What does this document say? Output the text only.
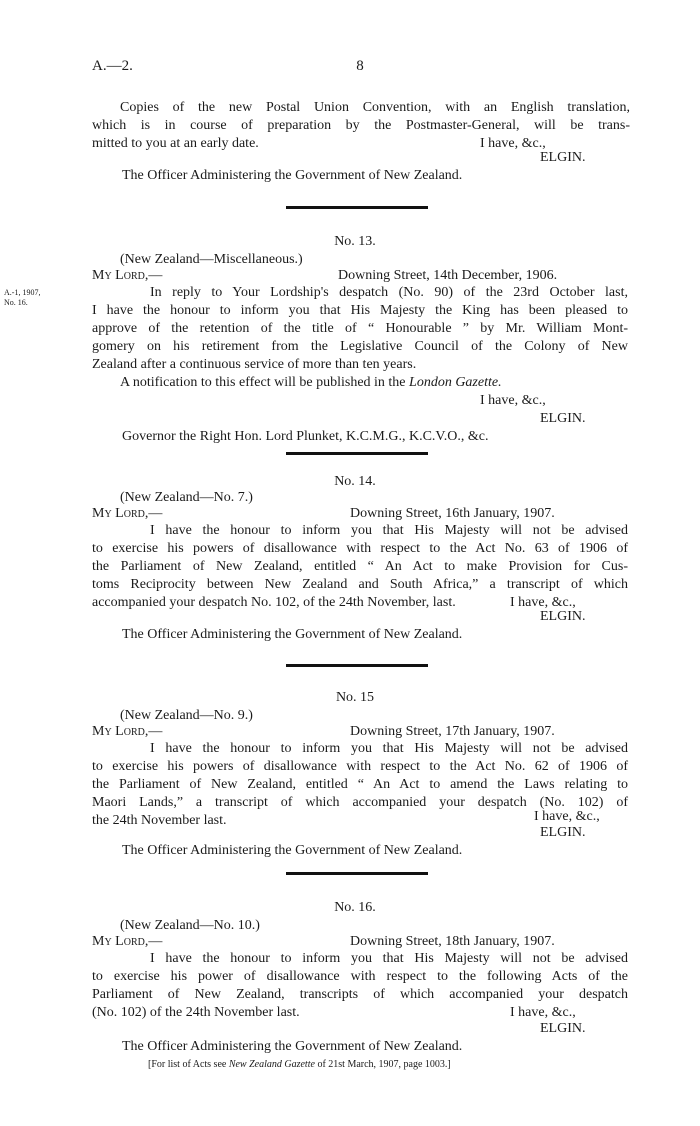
A.—2.	8
Copies of the new Postal Union Convention, with an English translation,
which is in course of preparation by the Postmaster-General, will be trans-
mitted to you at an early date.	I have, &c.,
ELGIN.
The Officer Administering the Government of New Zealand.
No. 13.
(New Zealand—Miscellaneous.)
My Lord,—	Downing Street, 14th December, 1906.
A.-1, 1907,
No. 16.
In reply to Your Lordship's despatch (No. 90) of the 23rd October last,
I have the honour to inform you that His Majesty the King has been pleased to
approve of the retention of the title of “ Honourable ” by Mr. William Mont-
gomery on his retirement from the Legislative Council of the Colony of New
Zealand after a continuous service of more than ten years.
A notification to this effect will be published in the London Gazette.
I have, &c.,
ELGIN.
Governor the Right Hon. Lord Plunket, K.C.M.G., K.C.V.O., &c.
No. 14.
(New Zealand—No. 7.)
My Lord,—	Downing Street, 16th January, 1907.
I have the honour to inform you that His Majesty will not be advised
to exercise his powers of disallowance with respect to the Act No. 63 of 1906 of
the Parliament of New Zealand, entitled “ An Act to make Provision for Cus-
toms Reciprocity between New Zealand and South Africa,” a transcript of which
accompanied your despatch No. 102, of the 24th November, last.	I have, &c.,
ELGIN.
The Officer Administering the Government of New Zealand.
No. 15
(New Zealand—No. 9.)
My Lord,—	Downing Street, 17th January, 1907.
I have the honour to inform you that His Majesty will not be advised
to exercise his powers of disallowance with respect to the Act No. 62 of 1906 of
the Parliament of New Zealand, entitled “ An Act to amend the Laws relating to
Maori Lands,” a transcript of which accompanied your despatch (No. 102) of
the 24th November last.	I have, &c.,
ELGIN.
The Officer Administering the Government of New Zealand.
No. 16.
(New Zealand—No. 10.)
My Lord,—	Downing Street, 18th January, 1907.
I have the honour to inform you that His Majesty will not be advised
to exercise his power of disallowance with respect to the following Acts of the
Parliament of New Zealand, transcripts of which accompanied your despatch
(No. 102) of the 24th November last.	I have, &c.,
ELGIN.
The Officer Administering the Government of New Zealand.
[For list of Acts see New Zealand Gazette of 21st March, 1907, page 1003.]
